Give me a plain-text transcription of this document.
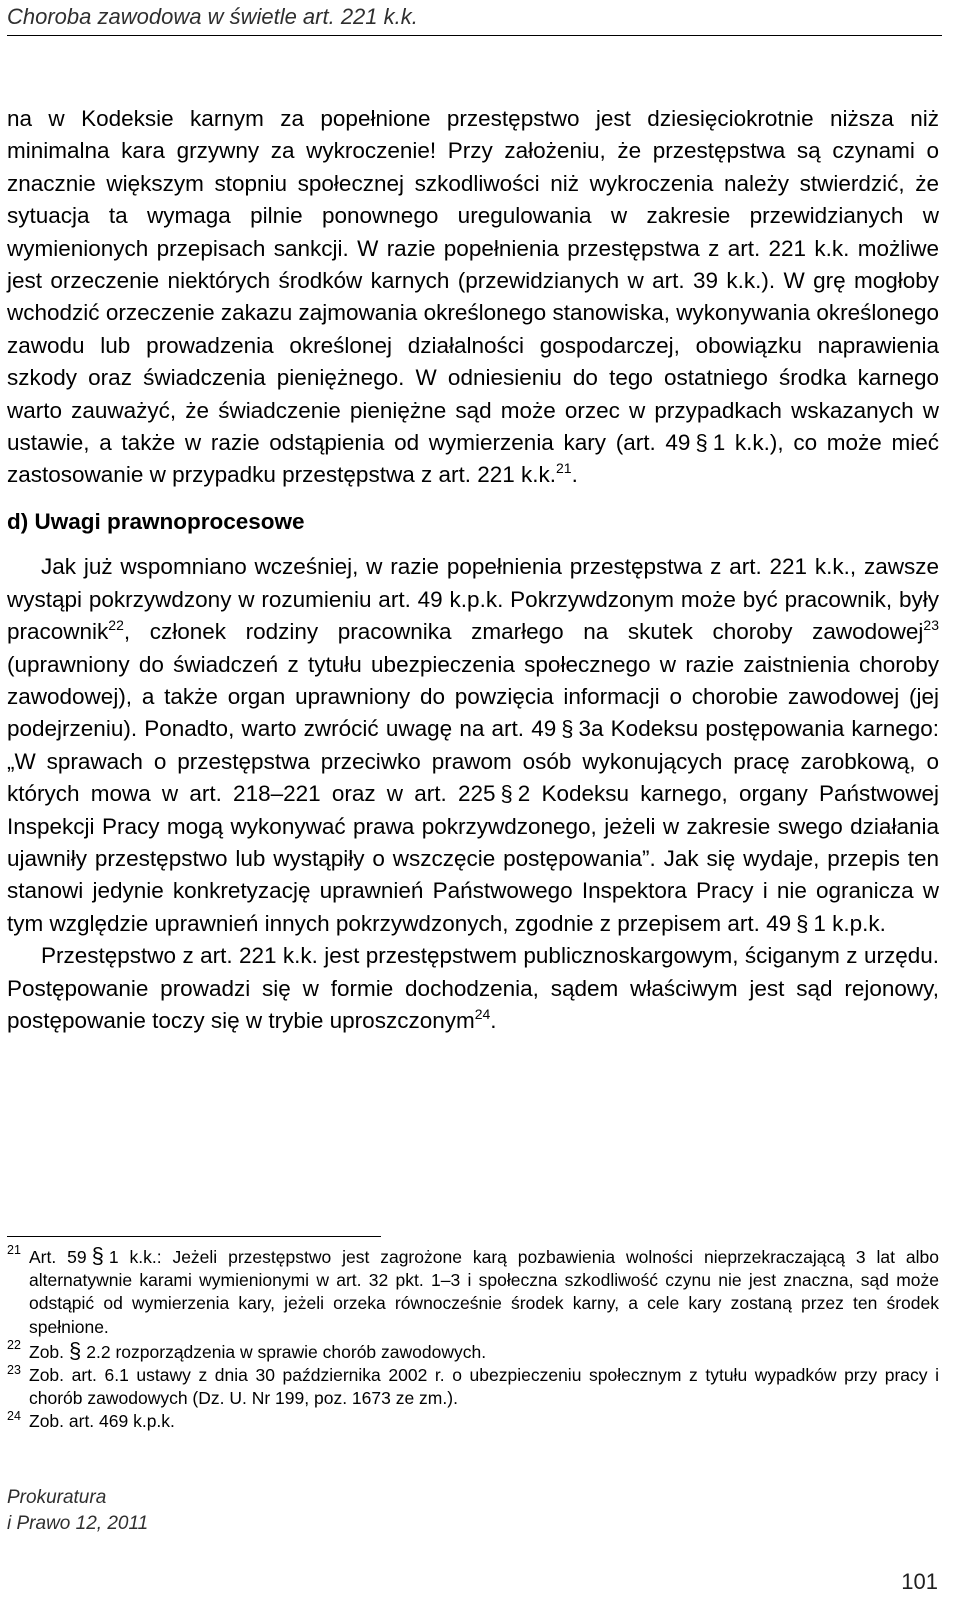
Choroba zawodowa w świetle art. 221 k.k.

na w Kodeksie karnym za popełnione przestępstwo jest dziesięciokrotnie niższa niż minimalna kara grzywny za wykroczenie! Przy założeniu, że przestępstwa są czynami o znacznie większym stopniu społecznej szkodliwości niż wykroczenia należy stwierdzić, że sytuacja ta wymaga pilnie ponownego uregulowania w zakresie przewidzianych w wymienionych przepisach sankcji. W razie popełnienia przestępstwa z art. 221 k.k. możliwe jest orzeczenie niektórych środków karnych (przewidzianych w art. 39 k.k.). W grę mogłoby wchodzić orzeczenie zakazu zajmowania określonego stanowiska, wykonywania określonego zawodu lub prowadzenia określonej działalności gospodarczej, obowiązku naprawienia szkody oraz świadczenia pieniężnego. W odniesieniu do tego ostatniego środka karnego warto zauważyć, że świadczenie pieniężne sąd może orzec w przypadkach wskazanych w ustawie, a także w razie odstąpienia od wymierzenia kary (art. 49 § 1 k.k.), co może mieć zastosowanie w przypadku przestępstwa z art. 221 k.k.$^{21}$.

d) Uwagi prawnoprocesowe

Jak już wspomniano wcześniej, w razie popełnienia przestępstwa z art. 221 k.k., zawsze wystąpi pokrzywdzony w rozumieniu art. 49 k.p.k. Pokrzywdzonym może być pracownik, były pracownik$^{22}$, członek rodziny pracownika zmarłego na skutek choroby zawodowej$^{23}$ (uprawniony do świadczeń z tytułu ubezpieczenia społecznego w razie zaistnienia choroby zawodowej), a także organ uprawniony do powzięcia informacji o chorobie zawodowej (jej podejrzeniu). Ponadto, warto zwrócić uwagę na art. 49 § 3a Kodeksu postępowania karnego: „W sprawach o przestępstwa przeciwko prawom osób wykonujących pracę zarobkową, o których mowa w art. 218–221 oraz w art. 225 § 2 Kodeksu karnego, organy Państwowej Inspekcji Pracy mogą wykonywać prawa pokrzywdzonego, jeżeli w zakresie swego działania ujawniły przestępstwo lub wystąpiły o wszczęcie postępowania”. Jak się wydaje, przepis ten stanowi jedynie konkretyzację uprawnień Państwowego Inspektora Pracy i nie ogranicza w tym względzie uprawnień innych pokrzywdzonych, zgodnie z przepisem art. 49 § 1 k.p.k.

Przestępstwo z art. 221 k.k. jest przestępstwem publicznoskargowym, ściganym z urzędu. Postępowanie prowadzi się w formie dochodzenia, sądem właściwym jest sąd rejonowy, postępowanie toczy się w trybie uproszczonym$^{24}$.

21 Art. 59 § 1 k.k.: Jeżeli przestępstwo jest zagrożone karą pozbawienia wolności nieprzekraczającą 3 lat albo alternatywnie karami wymienionymi w art. 32 pkt. 1–3 i społeczna szkodliwość czynu nie jest znaczna, sąd może odstąpić od wymierzenia kary, jeżeli orzeka równocześnie środek karny, a cele kary zostaną przez ten środek spełnione.
22 Zob. § 2.2 rozporządzenia w sprawie chorób zawodowych.
23 Zob. art. 6.1 ustawy z dnia 30 października 2002 r. o ubezpieczeniu społecznym z tytułu wypadków przy pracy i chorób zawodowych (Dz. U. Nr 199, poz. 1673 ze zm.).
24 Zob. art. 469 k.p.k.
Prokuratura
i Prawo 12, 2011
101
